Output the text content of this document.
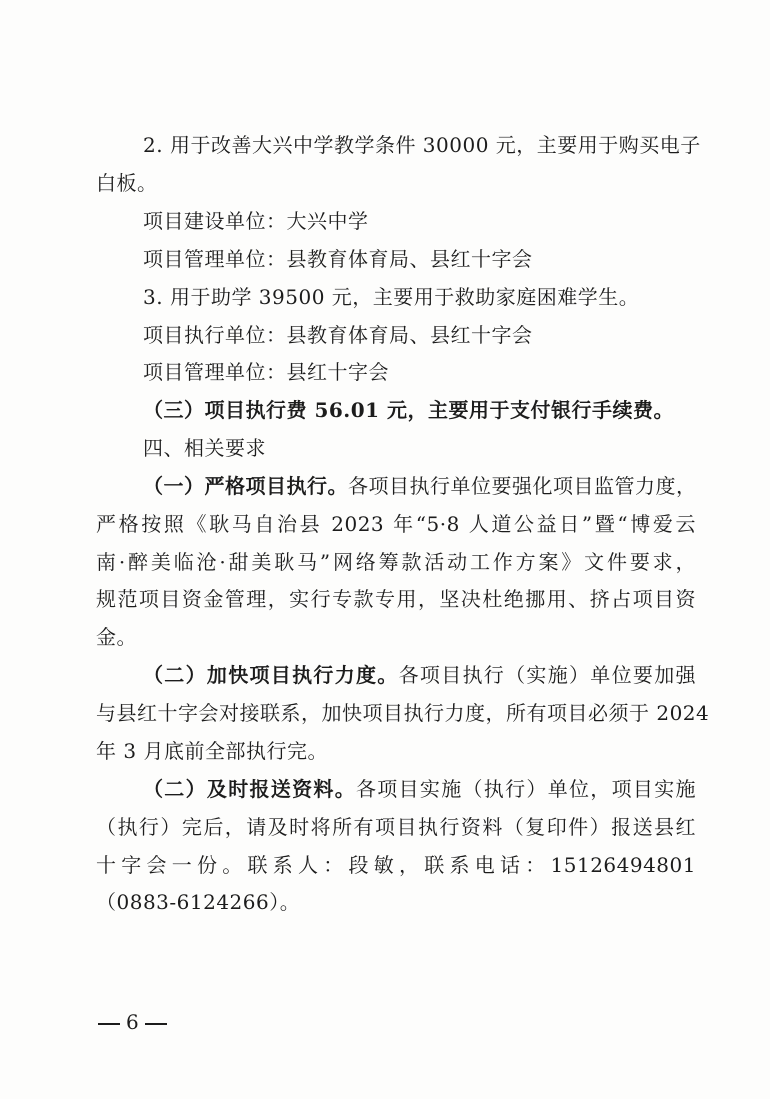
2. 用于改善大兴中学教学条件 30000 元，主要用于购买电子
白板。
项目建设单位：大兴中学
项目管理单位：县教育体育局、县红十字会
3. 用于助学 39500 元，主要用于救助家庭困难学生。
项目执行单位：县教育体育局、县红十字会
项目管理单位：县红十字会
（三）项目执行费 56.01 元，主要用于支付银行手续费。
四、相关要求
（一）严格项目执行。各项目执行单位要强化项目监管力度，
严格按照《耿马自治县 2023 年“5·8 人道公益日”暨“博爱云
南·醉美临沧·甜美耿马”网络筹款活动工作方案》文件要求，
规范项目资金管理，实行专款专用，坚决杜绝挪用、挤占项目资
金。
（二）加快项目执行力度。各项目执行（实施）单位要加强
与县红十字会对接联系，加快项目执行力度，所有项目必须于 2024
年 3 月底前全部执行完。
（二）及时报送资料。各项目实施（执行）单位，项目实施
（执行）完后，请及时将所有项目执行资料（复印件）报送县红
十字会一份。联系人：段敏，联系电话：15126494801
（0883-6124266）。
6
